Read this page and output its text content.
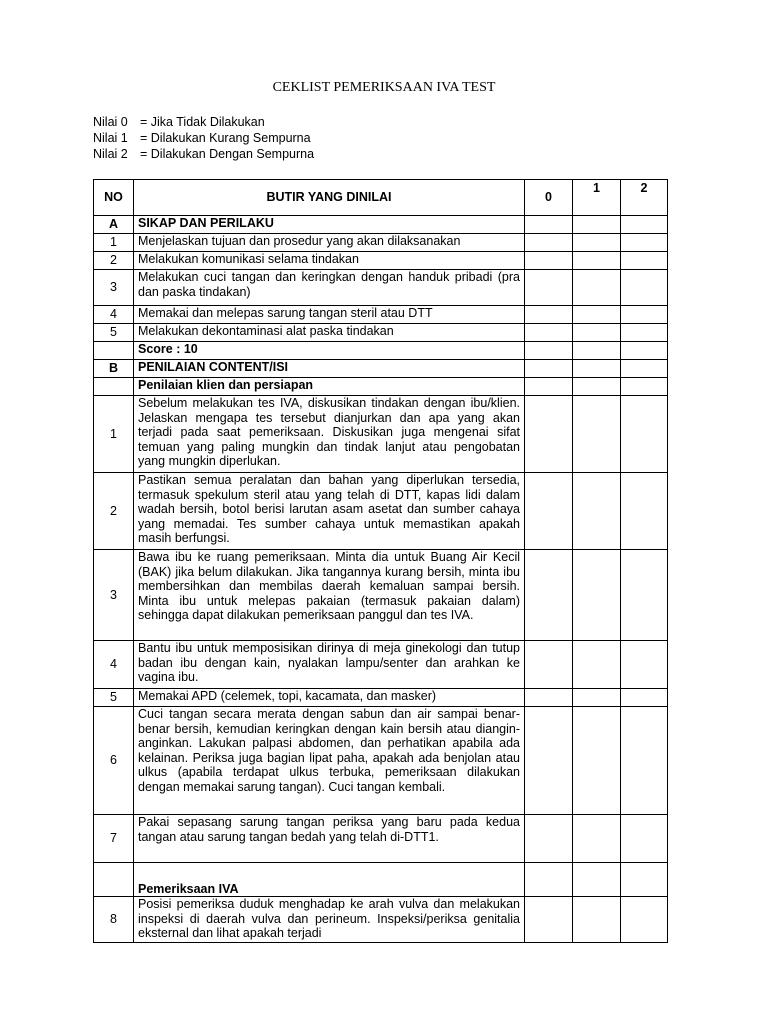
CEKLIST PEMERIKSAAN IVA TEST
Nilai 0 = Jika Tidak Dilakukan
Nilai 1 = Dilakukan Kurang Sempurna
Nilai 2 = Dilakukan Dengan Sempurna
NO	BUTIR YANG DINILAI	0	1	2
A	SIKAP DAN PERILAKU			
1	Menjelaskan tujuan dan prosedur yang akan dilaksanakan			
2	Melakukan komunikasi selama tindakan			
3	Melakukan cuci tangan dan keringkan dengan handuk pribadi (pra dan paska tindakan)			
4	Memakai dan melepas sarung tangan steril atau DTT			
5	Melakukan dekontaminasi alat paska tindakan			
	Score : 10			
B	PENILAIAN CONTENT/ISI			
	Penilaian klien dan persiapan			
1	Sebelum melakukan tes IVA, diskusikan tindakan dengan ibu/klien. Jelaskan mengapa tes tersebut dianjurkan dan apa yang akan terjadi pada saat pemeriksaan. Diskusikan juga mengenai sifat temuan yang paling mungkin dan tindak lanjut atau pengobatan yang mungkin diperlukan.			
2	Pastikan semua peralatan dan bahan yang diperlukan tersedia, termasuk spekulum steril atau yang telah di DTT, kapas lidi dalam wadah bersih, botol berisi larutan asam asetat dan sumber cahaya yang memadai. Tes sumber cahaya untuk memastikan apakah masih berfungsi.			
3	Bawa ibu ke ruang pemeriksaan. Minta dia untuk Buang Air Kecil (BAK) jika belum dilakukan. Jika tangannya kurang bersih, minta ibu membersihkan dan membilas daerah kemaluan sampai bersih. Minta ibu untuk melepas pakaian (termasuk pakaian dalam) sehingga dapat dilakukan pemeriksaan panggul dan tes IVA.			
4	Bantu ibu untuk memposisikan dirinya di meja ginekologi dan tutup badan ibu dengan kain, nyalakan lampu/senter dan arahkan ke vagina ibu.			
5	Memakai APD (celemek, topi, kacamata, dan masker)			
6	Cuci tangan secara merata dengan sabun dan air sampai benar-benar bersih, kemudian keringkan dengan kain bersih atau diangin-anginkan. Lakukan palpasi abdomen, dan perhatikan apabila ada kelainan. Periksa juga bagian lipat paha, apakah ada benjolan atau ulkus (apabila terdapat ulkus terbuka, pemeriksaan dilakukan dengan memakai sarung tangan). Cuci tangan kembali.			
7	Pakai sepasang sarung tangan periksa yang baru pada kedua tangan atau sarung tangan bedah yang telah di-DTT1.			
	Pemeriksaan IVA			
8	Posisi pemeriksa duduk menghadap ke arah vulva dan melakukan inspeksi di daerah vulva dan perineum. Inspeksi/periksa genitalia eksternal dan lihat apakah terjadi			
